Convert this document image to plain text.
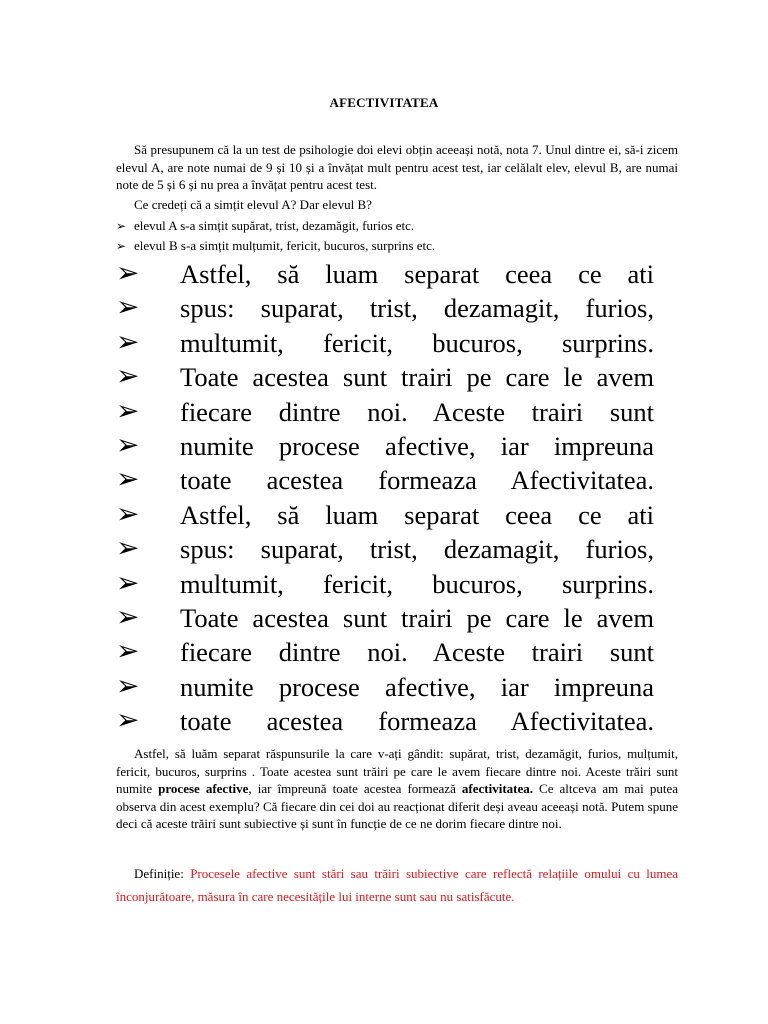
AFECTIVITATEA

Să presupunem că la un test de psihologie doi elevi obțin aceeași notă, nota 7. Unul dintre ei, să-i zicem elevul A, are note numai de 9 și 10 și a învățat mult pentru acest test, iar celălalt elev, elevul B, are numai note de 5 și 6 și nu prea a învățat pentru acest test.

Ce credeți că a simțit elevul A? Dar elevul B?

➢ elevul A s-a simțit supărat, trist, dezamăgit, furios etc.
➢ elevul B s-a simțit mulțumit, fericit, bucuros, surprins etc.
➢	Astfel, să luam separat ceea ce ati
➢	spus: suparat, trist, dezamagit, furios,
➢	multumit, fericit, bucuros, surprins.
➢	Toate acestea sunt trairi pe care le avem
➢	fiecare dintre noi. Aceste trairi sunt
➢	numite procese afective, iar impreuna
➢	toate acestea formeaza Afectivitatea.
➢	Astfel, să luam separat ceea ce ati
➢	spus: suparat, trist, dezamagit, furios,
➢	multumit, fericit, bucuros, surprins.
➢	Toate acestea sunt trairi pe care le avem
➢	fiecare dintre noi. Aceste trairi sunt
➢	numite procese afective, iar impreuna
➢	toate acestea formeaza Afectivitatea.

Astfel, să luăm separat răspunsurile la care v-ați gândit: supărat, trist, dezamăgit, furios, mulțumit, fericit, bucuros, surprins . Toate acestea sunt trăiri pe care le avem fiecare dintre noi. Aceste trăiri sunt numite procese afective, iar împreună toate acestea formează afectivitatea. Ce altceva am mai putea observa din acest exemplu? Că fiecare din cei doi au reacționat diferit deși aveau aceeași notă. Putem spune deci că aceste trăiri sunt subiective și sunt în funcție de ce ne dorim fiecare dintre noi.

Definiție: Procesele afective sunt stări sau trăiri subiective care reflectă relațiile omului cu lumea înconjurătoare, măsura în care necesitățile lui interne sunt sau nu satisfăcute.
